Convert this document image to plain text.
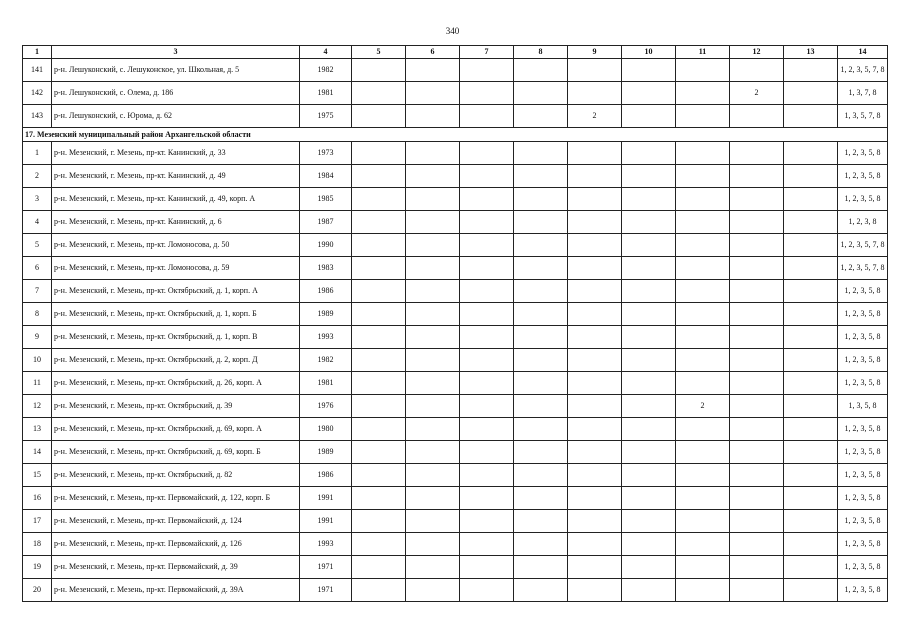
340
1	3	4	5	6	7	8	9	10	11	12	13	14
141	р-н. Лешуконский, с. Лешуконское, ул. Школьная, д. 5	1982										1, 2, 3, 5, 7, 8
142	р-н. Лешуконский, с. Олема, д. 186	1981								2		1, 3, 7, 8
143	р-н. Лешуконский, с. Юрома, д. 62	1975					2					1, 3, 5, 7, 8
17. Мезенский муниципальный район Архангельской области												
1	р-н. Мезенский, г. Мезень, пр-кт. Канинский, д. 33	1973										1, 2, 3, 5, 8
2	р-н. Мезенский, г. Мезень, пр-кт. Канинский, д. 49	1984										1, 2, 3, 5, 8
3	р-н. Мезенский, г. Мезень, пр-кт. Канинский, д. 49, корп. А	1985										1, 2, 3, 5, 8
4	р-н. Мезенский, г. Мезень, пр-кт. Канинский, д. 6	1987										1, 2, 3, 8
5	р-н. Мезенский, г. Мезень, пр-кт. Ломоносова, д. 50	1990										1, 2, 3, 5, 7, 8
6	р-н. Мезенский, г. Мезень, пр-кт. Ломоносова, д. 59	1983										1, 2, 3, 5, 7, 8
7	р-н. Мезенский, г. Мезень, пр-кт. Октябрьский, д. 1, корп. А	1986										1, 2, 3, 5, 8
8	р-н. Мезенский, г. Мезень, пр-кт. Октябрьский, д. 1, корп. Б	1989										1, 2, 3, 5, 8
9	р-н. Мезенский, г. Мезень, пр-кт. Октябрьский, д. 1, корп. В	1993										1, 2, 3, 5, 8
10	р-н. Мезенский, г. Мезень, пр-кт. Октябрьский, д. 2, корп. Д	1982										1, 2, 3, 5, 8
11	р-н. Мезенский, г. Мезень, пр-кт. Октябрьский, д. 26, корп. А	1981										1, 2, 3, 5, 8
12	р-н. Мезенский, г. Мезень, пр-кт. Октябрьский, д. 39	1976							2			1, 3, 5, 8
13	р-н. Мезенский, г. Мезень, пр-кт. Октябрьский, д. 69, корп. А	1980										1, 2, 3, 5, 8
14	р-н. Мезенский, г. Мезень, пр-кт. Октябрьский, д. 69, корп. Б	1989										1, 2, 3, 5, 8
15	р-н. Мезенский, г. Мезень, пр-кт. Октябрьский, д. 82	1986										1, 2, 3, 5, 8
16	р-н. Мезенский, г. Мезень, пр-кт. Первомайский, д. 122, корп. Б	1991										1, 2, 3, 5, 8
17	р-н. Мезенский, г. Мезень, пр-кт. Первомайский, д. 124	1991										1, 2, 3, 5, 8
18	р-н. Мезенский, г. Мезень, пр-кт. Первомайский, д. 126	1993										1, 2, 3, 5, 8
19	р-н. Мезенский, г. Мезень, пр-кт. Первомайский, д. 39	1971										1, 2, 3, 5, 8
20	р-н. Мезенский, г. Мезень, пр-кт. Первомайский, д. 39А	1971										1, 2, 3, 5, 8
